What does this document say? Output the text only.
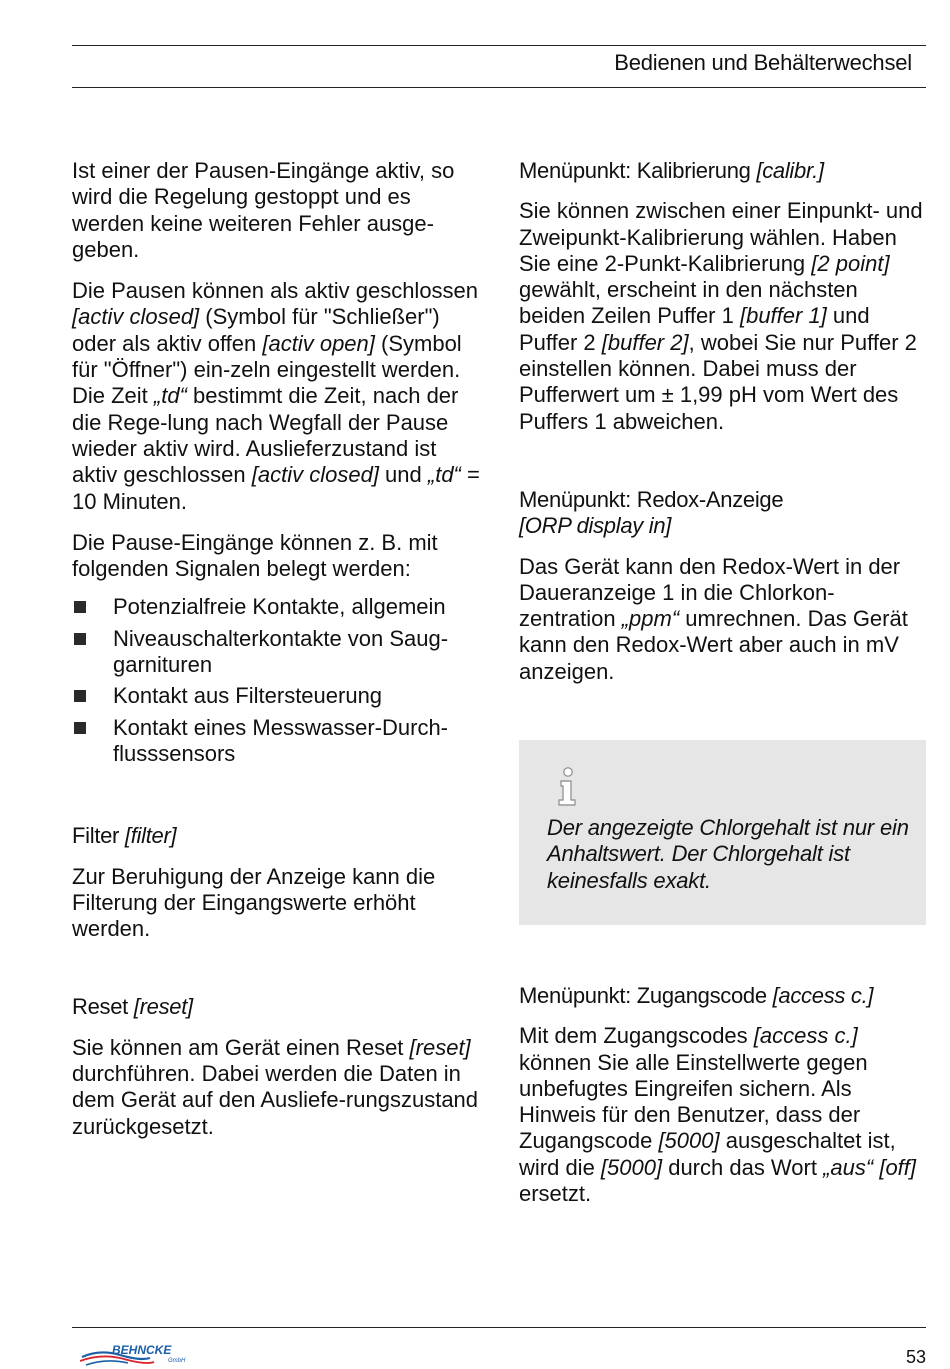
Bedienen und Behälterwechsel

Ist einer der Pausen-Eingänge aktiv, so wird die Regelung gestoppt und es werden keine weiteren Fehler ausge-geben.

Die Pausen können als aktiv geschlossen [activ closed] (Symbol für "Schließer") oder als aktiv offen [activ open] (Symbol für "Öffner") ein-zeln eingestellt werden. Die Zeit „td“ bestimmt die Zeit, nach der die Rege-lung nach Wegfall der Pause wieder aktiv wird. Auslieferzustand ist aktiv geschlossen [activ closed] und „td“ = 10 Minuten.

Die Pause-Eingänge können z. B. mit folgenden Signalen belegt werden:

Potenzialfreie Kontakte, allgemein
Niveauschalterkontakte von Saug-garnituren
Kontakt aus Filtersteuerung
Kontakt eines Messwasser-Durch-flusssensors
Filter [filter]

Zur Beruhigung der Anzeige kann die Filterung der Eingangswerte erhöht werden.

Reset [reset]

Sie können am Gerät einen Reset [reset] durchführen. Dabei werden die Daten in dem Gerät auf den Ausliefe-rungszustand zurückgesetzt.

Menüpunkt: Kalibrierung [calibr.]

Sie können zwischen einer Einpunkt- und Zweipunkt-Kalibrierung wählen. Haben Sie eine 2-Punkt-Kalibrierung [2 point] gewählt, erscheint in den nächsten beiden Zeilen Puffer 1 [buffer 1] und Puffer 2 [buffer 2], wobei Sie nur Puffer 2 einstellen können. Dabei muss der Pufferwert um ± 1,99 pH vom Wert des Puffers 1 abweichen.

Menüpunkt: Redox-Anzeige
[ORP display in]

Das Gerät kann den Redox-Wert in der Daueranzeige 1 in die Chlorkon-zentration „ppm“ umrechnen. Das Gerät kann den Redox-Wert aber auch in mV anzeigen.

Der angezeigte Chlorgehalt ist nur ein Anhaltswert. Der Chlorgehalt ist keinesfalls exakt.
Menüpunkt: Zugangscode [access c.]

Mit dem Zugangscodes [access c.] können Sie alle Einstellwerte gegen unbefugtes Eingreifen sichern. Als Hinweis für den Benutzer, dass der Zugangscode [5000] ausgeschaltet ist, wird die [5000] durch das Wort „aus“ [off] ersetzt.

BEHNCKE
GmbH	53
